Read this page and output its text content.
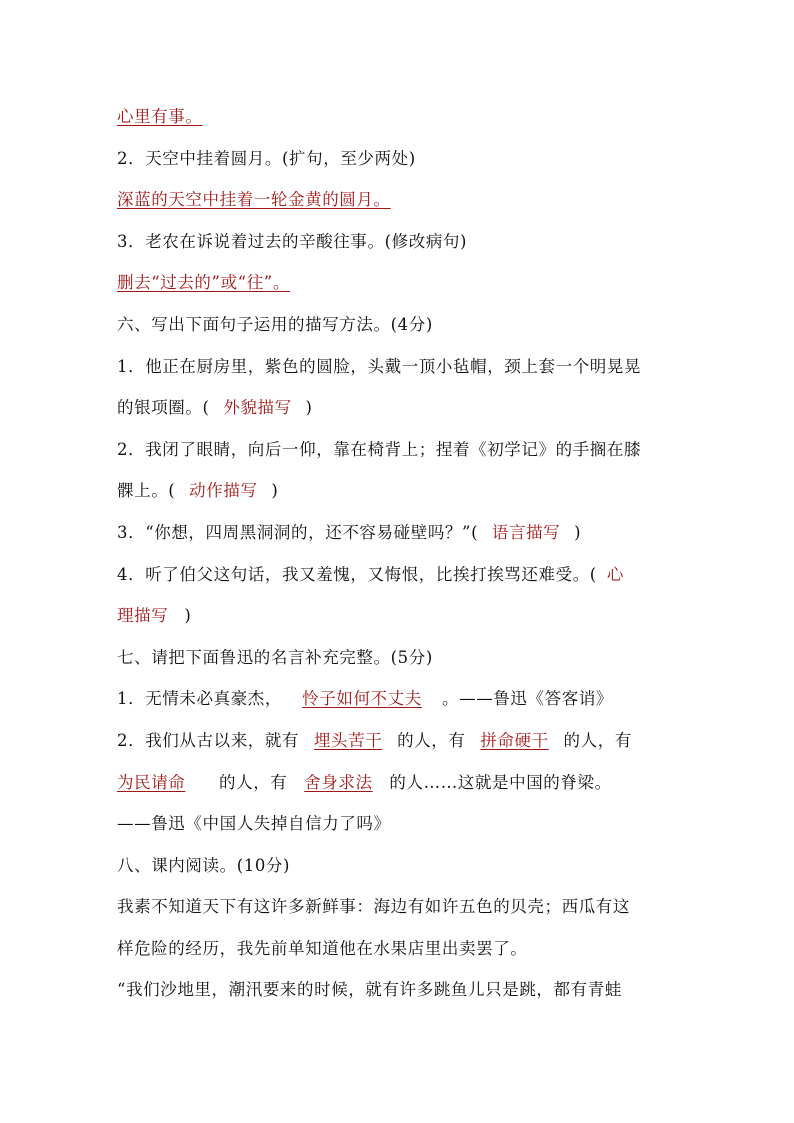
心里有事。
2．天空中挂着圆月。(扩句，至少两处)
深蓝的天空中挂着一轮金黄的圆月。
3．老农在诉说着过去的辛酸往事。(修改病句)
删去“过去的”或“往”。
六、写出下面句子运用的描写方法。(4分)
1．他正在厨房里，紫色的圆脸，头戴一顶小毡帽，颈上套一个明晃晃
的银项圈。( 外貌描写 )
2．我闭了眼睛，向后一仰，靠在椅背上；捏着《初学记》的手搁在膝
髁上。( 动作描写 )
3．“你想，四周黑洞洞的，还不容易碰壁吗？”( 语言描写 )
4．听了伯父这句话，我又羞愧，又悔恨，比挨打挨骂还难受。( 心
理描写 )
七、请把下面鲁迅的名言补充完整。(5分)
1．无情未必真豪杰， 怜子如何不丈夫 。——鲁迅《答客诮》
2．我们从古以来，就有 埋头苦干 的人，有 拼命硬干 的人，有
为民请命 的人，有 舍身求法 的人……这就是中国的脊梁。
——鲁迅《中国人失掉自信力了吗》
八、课内阅读。(10分)
我素不知道天下有这许多新鲜事：海边有如许五色的贝壳；西瓜有这
样危险的经历，我先前单知道他在水果店里出卖罢了。
“我们沙地里，潮汛要来的时候，就有许多跳鱼儿只是跳，都有青蛙
